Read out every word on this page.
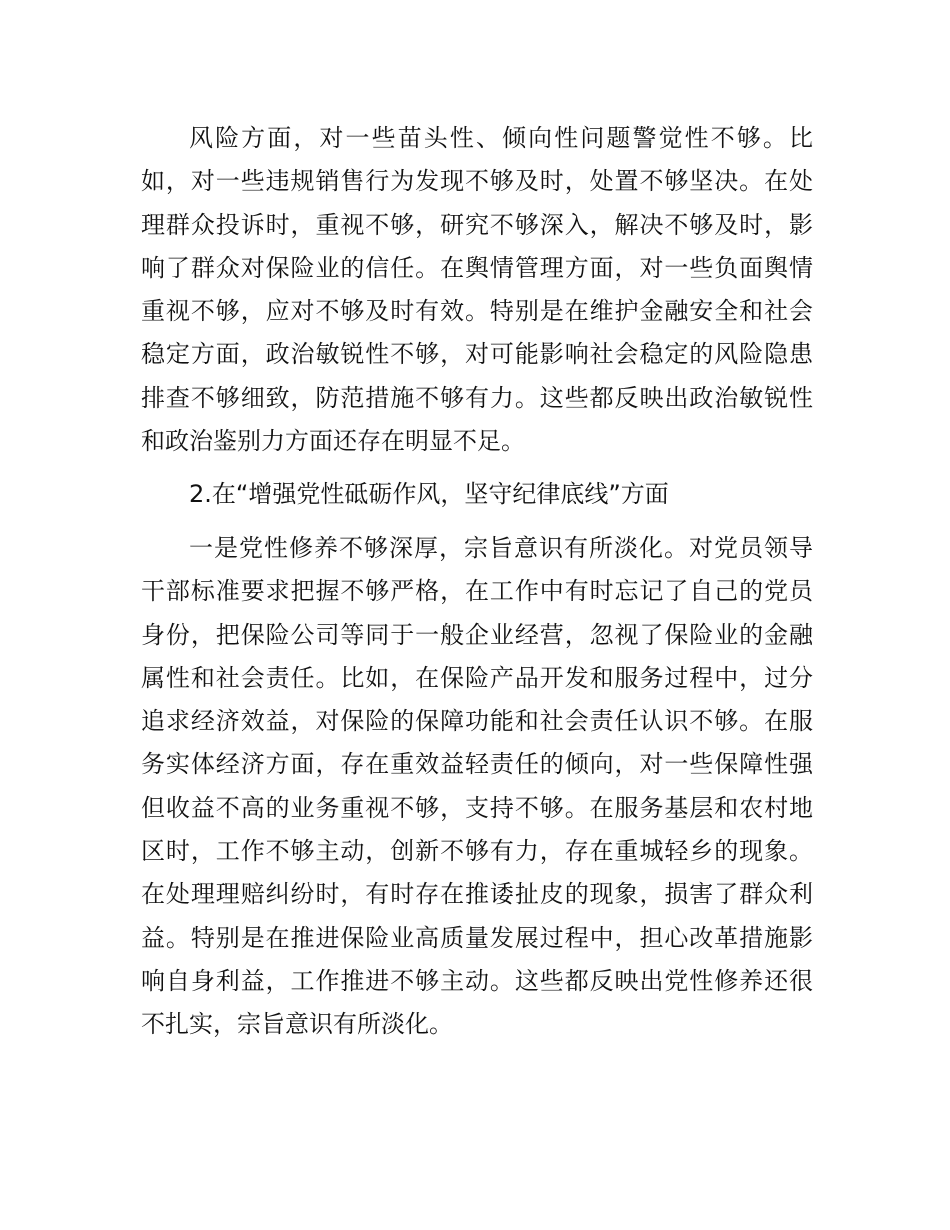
风险方面，对一些苗头性、倾向性问题警觉性不够。比
如，对一些违规销售行为发现不够及时，处置不够坚决。在处
理群众投诉时，重视不够，研究不够深入，解决不够及时，影
响了群众对保险业的信任。在舆情管理方面，对一些负面舆情
重视不够，应对不够及时有效。特别是在维护金融安全和社会
稳定方面，政治敏锐性不够，对可能影响社会稳定的风险隐患
排查不够细致，防范措施不够有力。这些都反映出政治敏锐性
和政治鉴别力方面还存在明显不足。
2.在“增强党性砥砺作风，坚守纪律底线”方面
一是党性修养不够深厚，宗旨意识有所淡化。对党员领导
干部标准要求把握不够严格，在工作中有时忘记了自己的党员
身份，把保险公司等同于一般企业经营，忽视了保险业的金融
属性和社会责任。比如，在保险产品开发和服务过程中，过分
追求经济效益，对保险的保障功能和社会责任认识不够。在服
务实体经济方面，存在重效益轻责任的倾向，对一些保障性强
但收益不高的业务重视不够，支持不够。在服务基层和农村地
区时，工作不够主动，创新不够有力，存在重城轻乡的现象。
在处理理赔纠纷时，有时存在推诿扯皮的现象，损害了群众利
益。特别是在推进保险业高质量发展过程中，担心改革措施影
响自身利益，工作推进不够主动。这些都反映出党性修养还很
不扎实，宗旨意识有所淡化。
